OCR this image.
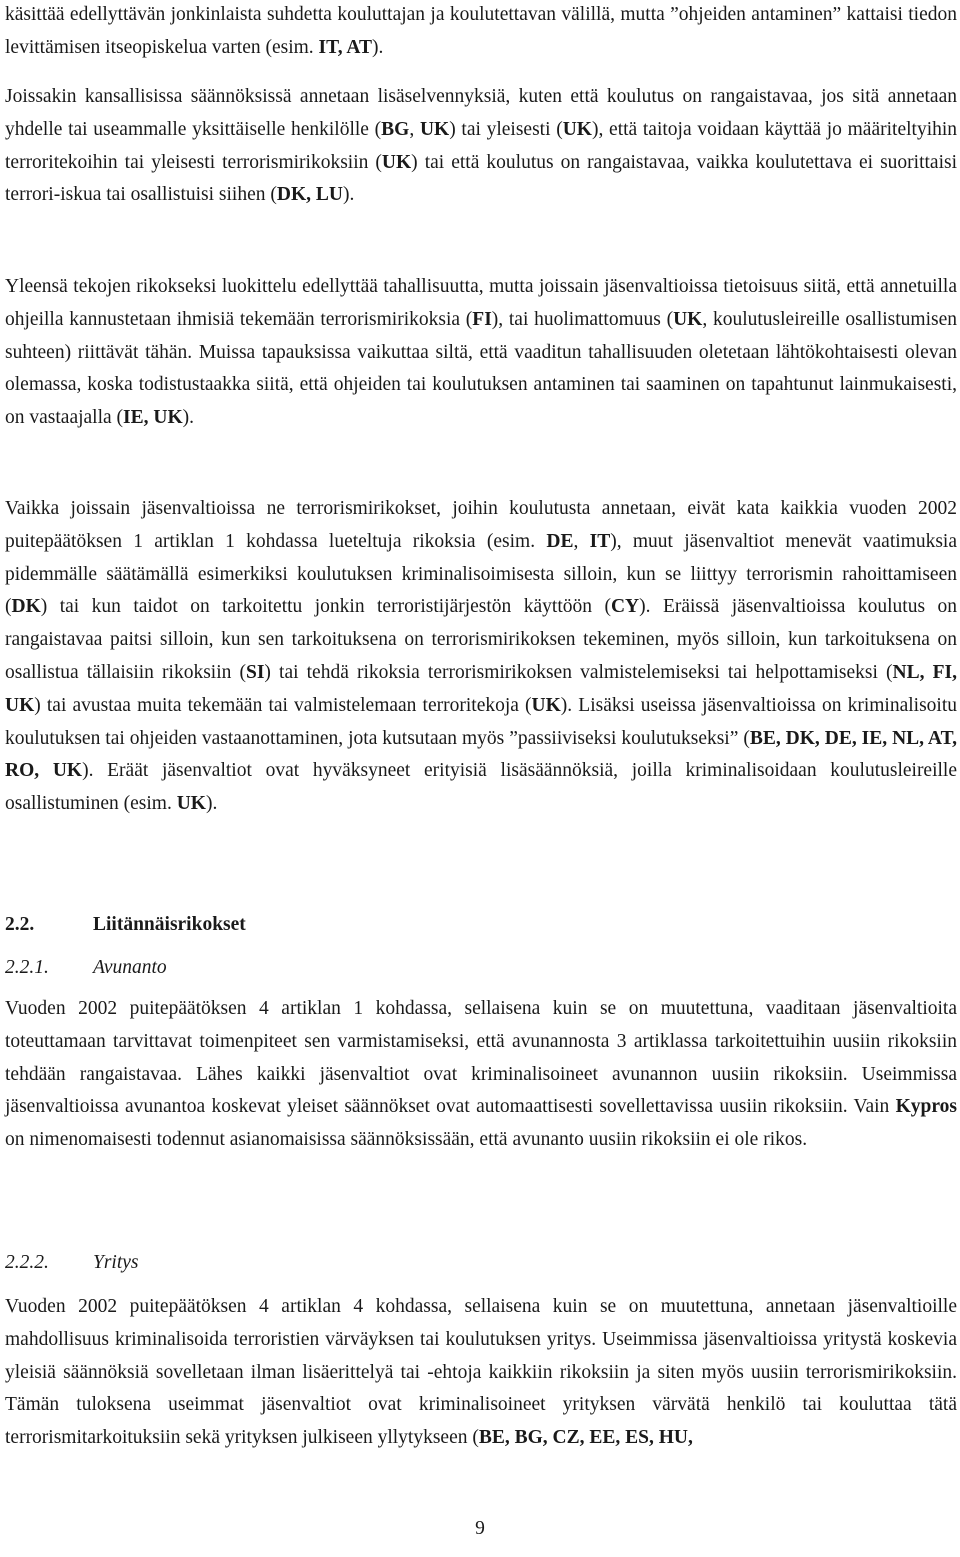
käsittää edellyttävän jonkinlaista suhdetta kouluttajan ja koulutettavan välillä, mutta ”ohjeiden antaminen” kattaisi tiedon levittämisen itseopiskelua varten (esim. IT, AT).

Joissakin kansallisissa säännöksissä annetaan lisäselvennyksiä, kuten että koulutus on rangaistavaa, jos sitä annetaan yhdelle tai useammalle yksittäiselle henkilölle (BG, UK) tai yleisesti (UK), että taitoja voidaan käyttää jo määriteltyihin terroritekoihin tai yleisesti terrorismirikoksiin (UK) tai että koulutus on rangaistavaa, vaikka koulutettava ei suorittaisi terrori-iskua tai osallistuisi siihen (DK, LU).

Yleensä tekojen rikokseksi luokittelu edellyttää tahallisuutta, mutta joissain jäsenvaltioissa tietoisuus siitä, että annetuilla ohjeilla kannustetaan ihmisiä tekemään terrorismirikoksia (FI), tai huolimattomuus (UK, koulutusleireille osallistumisen suhteen) riittävät tähän. Muissa tapauksissa vaikuttaa siltä, että vaaditun tahallisuuden oletetaan lähtökohtaisesti olevan olemassa, koska todistustaakka siitä, että ohjeiden tai koulutuksen antaminen tai saaminen on tapahtunut lainmukaisesti, on vastaajalla (IE, UK).

Vaikka joissain jäsenvaltioissa ne terrorismirikokset, joihin koulutusta annetaan, eivät kata kaikkia vuoden 2002 puitepäätöksen 1 artiklan 1 kohdassa lueteltuja rikoksia (esim. DE, IT), muut jäsenvaltiot menevät vaatimuksia pidemmälle säätämällä esimerkiksi koulutuksen kriminalisoimisesta silloin, kun se liittyy terrorismin rahoittamiseen (DK) tai kun taidot on tarkoitettu jonkin terroristijärjestön käyttöön (CY). Eräissä jäsenvaltioissa koulutus on rangaistavaa paitsi silloin, kun sen tarkoituksena on terrorismirikoksen tekeminen, myös silloin, kun tarkoituksena on osallistua tällaisiin rikoksiin (SI) tai tehdä rikoksia terrorismirikoksen valmistelemiseksi tai helpottamiseksi (NL, FI, UK) tai avustaa muita tekemään tai valmistelemaan terroritekoja (UK). Lisäksi useissa jäsenvaltioissa on kriminalisoitu koulutuksen tai ohjeiden vastaanottaminen, jota kutsutaan myös ”passiiviseksi koulutukseksi” (BE, DK, DE, IE, NL, AT, RO, UK). Eräät jäsenvaltiot ovat hyväksyneet erityisiä lisäsäännöksiä, joilla kriminalisoidaan koulutusleireille osallistuminen (esim. UK).

2.2.	Liitännäisrikokset
2.2.1.	Avunanto

Vuoden 2002 puitepäätöksen 4 artiklan 1 kohdassa, sellaisena kuin se on muutettuna, vaaditaan jäsenvaltioita toteuttamaan tarvittavat toimenpiteet sen varmistamiseksi, että avunannosta 3 artiklassa tarkoitettuihin uusiin rikoksiin tehdään rangaistavaa. Lähes kaikki jäsenvaltiot ovat kriminalisoineet avunannon uusiin rikoksiin. Useimmissa jäsenvaltioissa avunantoa koskevat yleiset säännökset ovat automaattisesti sovellettavissa uusiin rikoksiin. Vain Kypros on nimenomaisesti todennut asianomaisissa säännöksissään, että avunanto uusiin rikoksiin ei ole rikos.

2.2.2.	Yritys

Vuoden 2002 puitepäätöksen 4 artiklan 4 kohdassa, sellaisena kuin se on muutettuna, annetaan jäsenvaltioille mahdollisuus kriminalisoida terroristien värväyksen tai koulutuksen yritys. Useimmissa jäsenvaltioissa yritystä koskevia yleisiä säännöksiä sovelletaan ilman lisäerittelyä tai -ehtoja kaikkiin rikoksiin ja siten myös uusiin terrorismirikoksiin. Tämän tuloksena useimmat jäsenvaltiot ovat kriminalisoineet yrityksen värvätä henkilö tai kouluttaa tätä terrorismitarkoituksiin sekä yrityksen julkiseen yllytykseen (BE, BG, CZ, EE, ES, HU,

9
